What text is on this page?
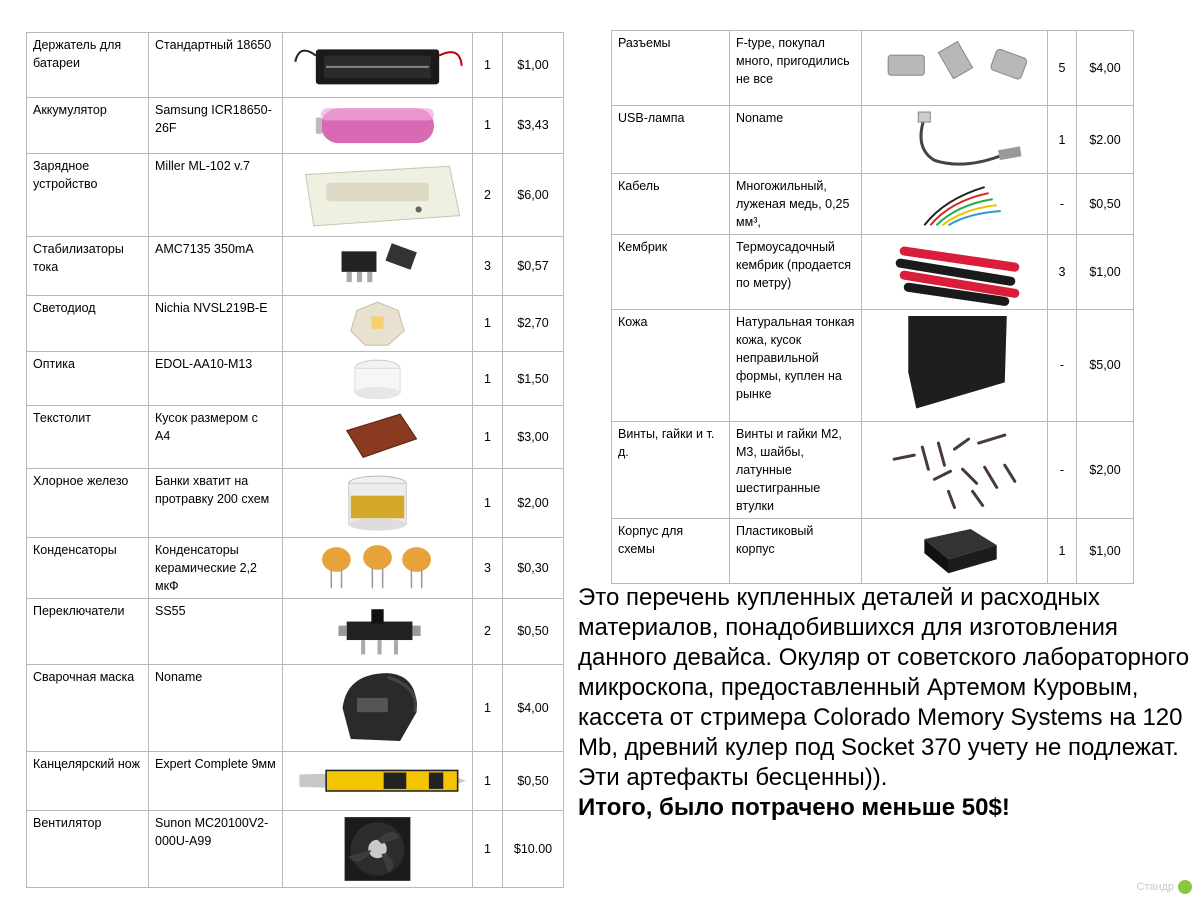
Держатель для батареи	Стандартный 18650		1	$1,00
Аккумулятор	Samsung ICR18650-26F		1	$3,43
Зарядное устройство	Miller ML-102 v.7		2	$6,00
Стабилизаторы тока	AMC7135 350mA		3	$0,57
Светодиод	Nichia NVSL219B-E		1	$2,70
Оптика	EDOL-AA10-M13		1	$1,50
Текстолит	Кусок размером с А4		1	$3,00
Хлорное железо	Банки хватит на протравку 200 схем		1	$2,00
Конденсаторы	Конденсаторы керамические 2,2 мкФ		3	$0,30
Переключатели	SS55		2	$0,50
Сварочная маска	Noname		1	$4,00
Канцелярский нож	Expert Complete 9мм		1	$0,50
Вентилятор	Sunon MC20100V2-000U-A99		1	$10.00
Разъемы	F-type, покупал много, пригодились не все		5	$4,00
USB-лампа	Noname		1	$2.00
Кабель	Многожильный, луженая медь, 0,25 мм³,		-	$0,50
Кембрик	Термоусадочный кембрик (продается по метру)		3	$1,00
Кожа	Натуральная тонкая кожа, кусок неправильной формы, куплен на рынке		-	$5,00
Винты, гайки и т. д.	Винты и гайки М2, М3, шайбы, латунные шестигранные втулки		-	$2,00
Корпус для схемы	Пластиковый корпус		1	$1,00
Это перечень купленных деталей и расходных материалов, понадобившихся для изготовления данного девайса. Окуляр от советского лабораторного микроскопа, предоставленный Артемом Куровым, кассета от стримера Colorado Memory Systems на 120 Mb, древний кулер под Socket 370 учету не подлежат. Эти артефакты бесценны)).
Итого, было потрачено меньше 50$!
Стандр
